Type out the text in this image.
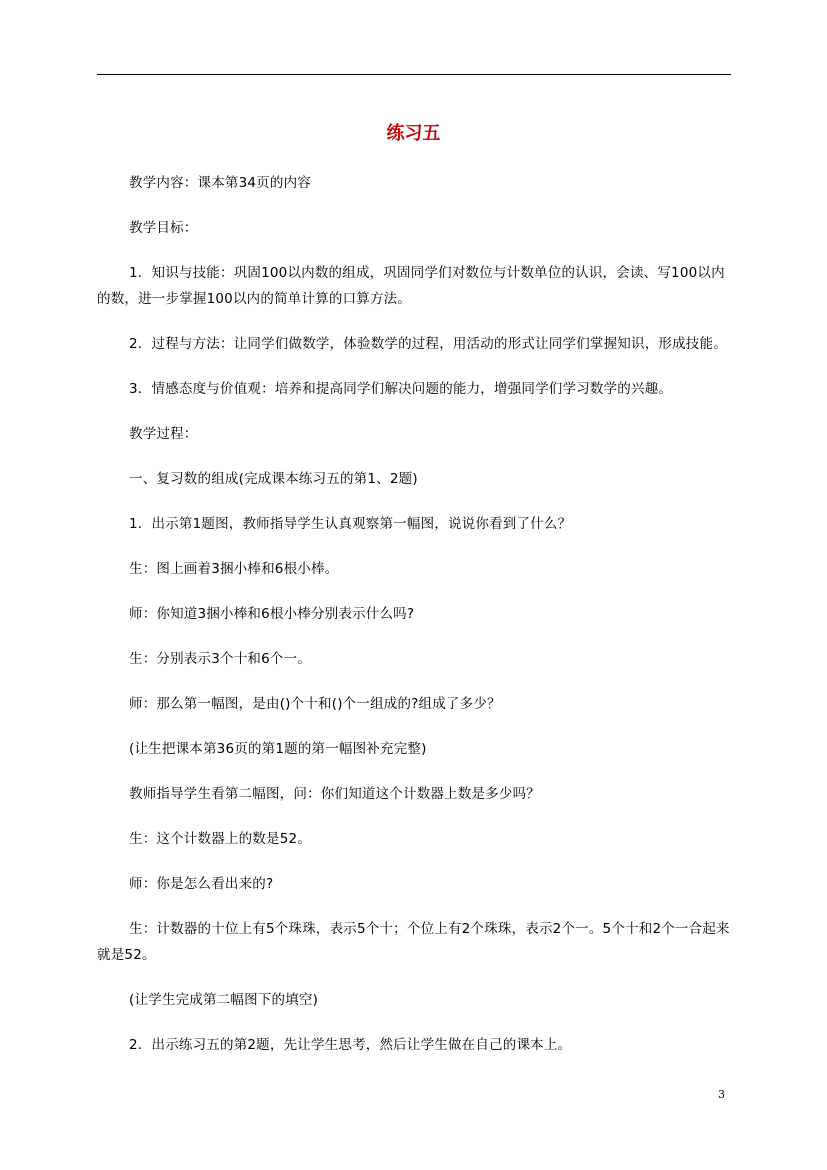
练习五

教学内容：课本第34页的内容

教学目标：

1．知识与技能：巩固100以内数的组成，巩固同学们对数位与计数单位的认识，会读、写100以内的数，进一步掌握100以内的简单计算的口算方法。

2．过程与方法：让同学们做数学，体验数学的过程，用活动的形式让同学们掌握知识，形成技能。

3．情感态度与价值观：培养和提高同学们解决问题的能力，增强同学们学习数学的兴趣。

教学过程：

一、复习数的组成(完成课本练习五的第1、2题)

1．出示第1题图，教师指导学生认真观察第一幅图，说说你看到了什么？

生：图上画着3捆小棒和6根小棒。

师：你知道3捆小棒和6根小棒分别表示什么吗?

生：分别表示3个十和6个一。

师：那么第一幅图，是由()个十和()个一组成的?组成了多少？

(让生把课本第36页的第1题的第一幅图补充完整)

教师指导学生看第二幅图，问：你们知道这个计数器上数是多少吗？

生：这个计数器上的数是52。

师：你是怎么看出来的?

生：计数器的十位上有5个珠珠，表示5个十；个位上有2个珠珠，表示2个一。5个十和2个一合起来就是52。

(让学生完成第二幅图下的填空)

2．出示练习五的第2题，先让学生思考，然后让学生做在自己的课本上。

3
